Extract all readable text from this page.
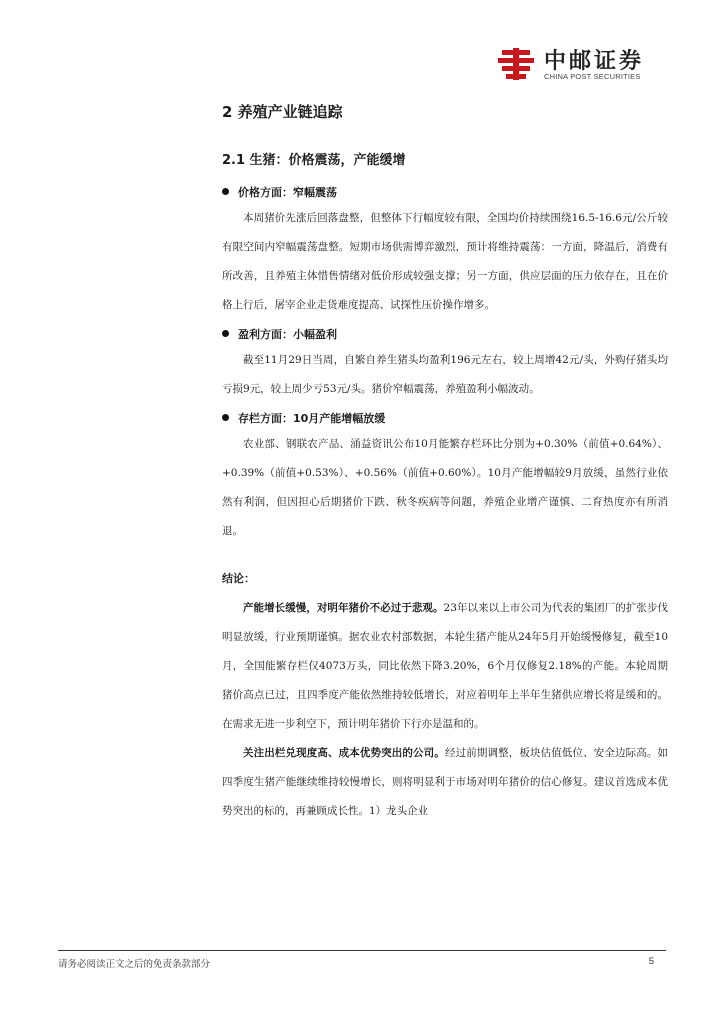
中邮证券
CHINA POST SECURITIES
2 养殖产业链追踪
2.1 生猪：价格震荡，产能缓增
价格方面：窄幅震荡

本周猪价先涨后回落盘整，但整体下行幅度较有限，全国均价持续围绕16.5-16.6元/公斤较有限空间内窄幅震荡盘整。短期市场供需博弈激烈，预计将维持震荡：一方面，降温后，消费有所改善，且养殖主体惜售情绪对低价形成较强支撑；另一方面，供应层面的压力依存在，且在价格上行后，屠宰企业走货难度提高、试探性压价操作增多。

盈利方面：小幅盈利

截至11月29日当周，自繁自养生猪头均盈利196元左右，较上周增42元/头，外购仔猪头均亏损9元，较上周少亏53元/头。猪价窄幅震荡，养殖盈利小幅波动。

存栏方面：10月产能增幅放缓

农业部、钢联农产品、涌益资讯公布10月能繁存栏环比分别为+0.30%（前值+0.64%）、+0.39%（前值+0.53%）、+0.56%（前值+0.60%）。10月产能增幅较9月放缓，虽然行业依然有利润，但因担心后期猪价下跌、秋冬疾病等问题，养殖企业增产谨慎、二育热度亦有所消退。

结论：

产能增长缓慢，对明年猪价不必过于悲观。23年以来以上市公司为代表的集团厂的扩张步伐明显放缓，行业预期谨慎。据农业农村部数据，本轮生猪产能从24年5月开始缓慢修复，截至10月，全国能繁存栏仅4073万头，同比依然下降3.20%，6个月仅修复2.18%的产能。本轮周期猪价高点已过，且四季度产能依然维持较低增长，对应着明年上半年生猪供应增长将是缓和的。在需求无进一步利空下，预计明年猪价下行亦是温和的。

关注出栏兑现度高、成本优势突出的公司。经过前期调整，板块估值低位、安全边际高。如四季度生猪产能继续维持较慢增长，则将明显利于市场对明年猪价的信心修复。建议首选成本优势突出的标的，再兼顾成长性。1）龙头企业

请务必阅读正文之后的免责条款部分	5
